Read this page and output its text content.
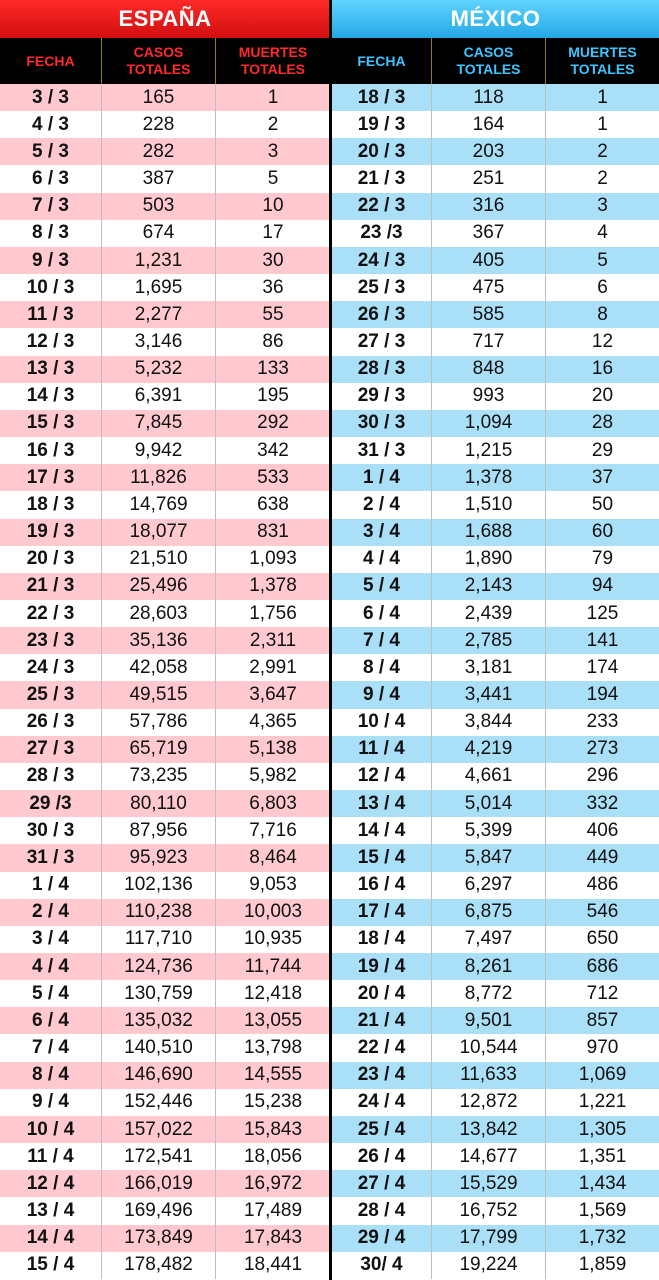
ESPAÑA
FECHA
CASOS TOTALES
MUERTES TOTALES
3 / 3	165	1
4 / 3	228	2
5 / 3	282	3
6 / 3	387	5
7 / 3	503	10
8 / 3	674	17
9 / 3	1,231	30
10 / 3	1,695	36
11 / 3	2,277	55
12 / 3	3,146	86
13 / 3	5,232	133
14 / 3	6,391	195
15 / 3	7,845	292
16 / 3	9,942	342
17 / 3	11,826	533
18 / 3	14,769	638
19 / 3	18,077	831
20 / 3	21,510	1,093
21 / 3	25,496	1,378
22 / 3	28,603	1,756
23 / 3	35,136	2,311
24 / 3	42,058	2,991
25 / 3	49,515	3,647
26 / 3	57,786	4,365
27 / 3	65,719	5,138
28 / 3	73,235	5,982
29 /3	80,110	6,803
30 / 3	87,956	7,716
31 / 3	95,923	8,464
1 / 4	102,136	9,053
2 / 4	110,238	10,003
3 / 4	117,710	10,935
4 / 4	124,736	11,744
5 / 4	130,759	12,418
6 / 4	135,032	13,055
7 / 4	140,510	13,798
8 / 4	146,690	14,555
9 / 4	152,446	15,238
10 / 4	157,022	15,843
11 / 4	172,541	18,056
12 / 4	166,019	16,972
13 / 4	169,496	17,489
14 / 4	173,849	17,843
15 / 4	178,482	18,441
MÉXICO
FECHA
CASOS TOTALES
MUERTES TOTALES
18 / 3	118	1
19 / 3	164	1
20 / 3	203	2
21 / 3	251	2
22 / 3	316	3
23 /3	367	4
24 / 3	405	5
25 / 3	475	6
26 / 3	585	8
27 / 3	717	12
28 / 3	848	16
29 / 3	993	20
30 / 3	1,094	28
31 / 3	1,215	29
1 / 4	1,378	37
2 / 4	1,510	50
3 / 4	1,688	60
4 / 4	1,890	79
5 / 4	2,143	94
6 / 4	2,439	125
7 / 4	2,785	141
8 / 4	3,181	174
9 / 4	3,441	194
10 / 4	3,844	233
11 / 4	4,219	273
12 / 4	4,661	296
13 / 4	5,014	332
14 / 4	5,399	406
15 / 4	5,847	449
16 / 4	6,297	486
17 / 4	6,875	546
18 / 4	7,497	650
19 / 4	8,261	686
20 / 4	8,772	712
21 / 4	9,501	857
22 / 4	10,544	970
23 / 4	11,633	1,069
24 / 4	12,872	1,221
25 / 4	13,842	1,305
26 / 4	14,677	1,351
27 / 4	15,529	1,434
28 / 4	16,752	1,569
29 / 4	17,799	1,732
30/ 4	19,224	1,859
